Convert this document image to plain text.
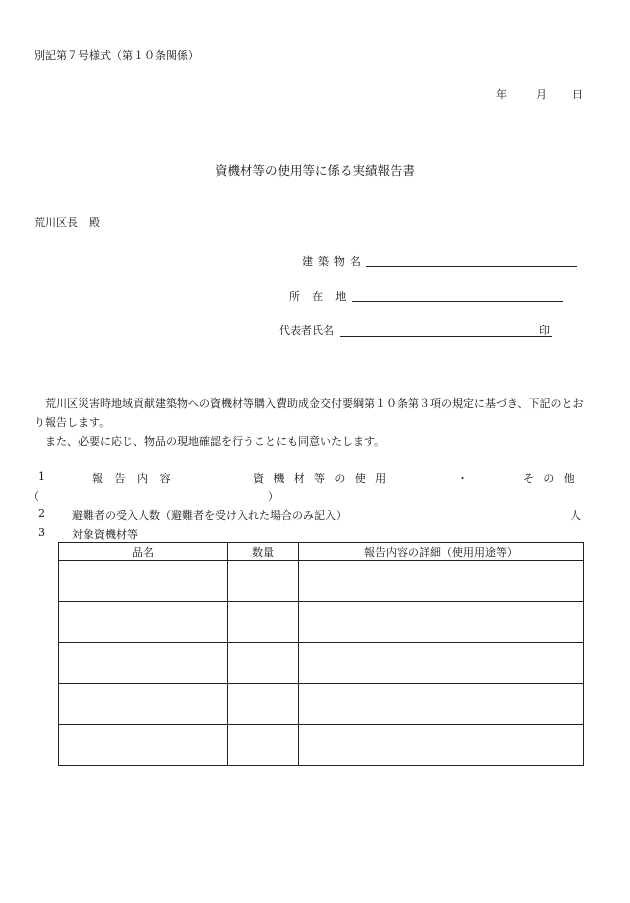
別記第７号様式（第１０条関係）
年	月 日
資機材等の使用等に係る実績報告書
荒川区長　殿
建築物名
所在地
代表者氏名	印

荒川区災害時地域貢献建築物への資機材等購入費助成金交付要綱第１０条第３項の規定に基づき、下記のとおり報告します。

また、必要に応じ、物品の現地確認を行うことにも同意いたします。

1	報告内容	資機材等の使用	・	その他
（	）
2 避難者の受入人数（避難者を受け入れた場合のみ記入）	人
3 対象資機材等
品名	数量	報告内容の詳細（使用用途等）
